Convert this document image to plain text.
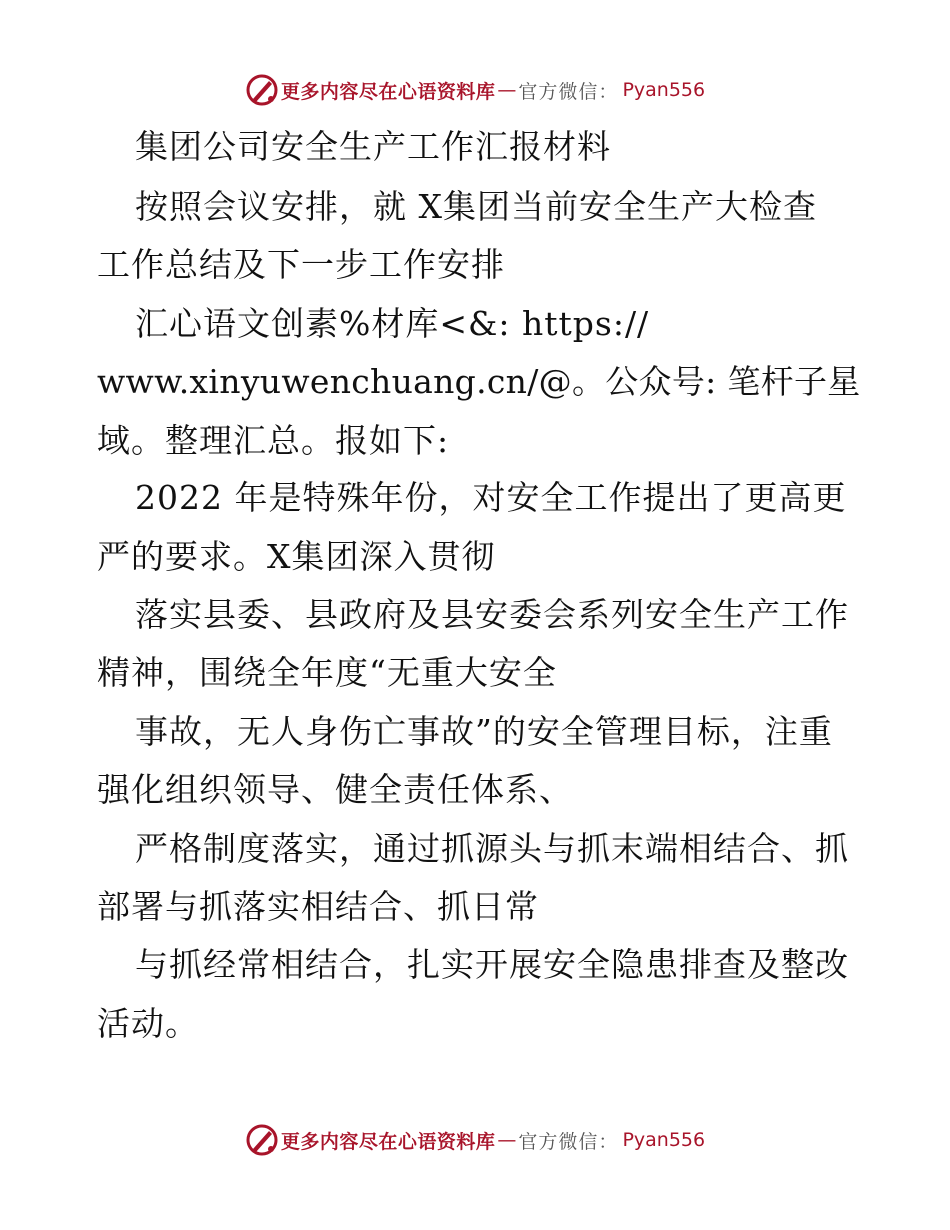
更多内容尽在心语资料库 — 官方微信： Pyan556
集团公司安全生产工作汇报材料
按照会议安排，就 X集团当前安全生产大检查
工作总结及下一步工作安排
汇心语文创素%材库<&: https://
www.xinyuwenchuang.cn/@。公众号: 笔杆子星
域。整理汇总。报如下:
2022 年是特殊年份，对安全工作提出了更高更
严的要求。X集团深入贯彻
落实县委、县政府及县安委会系列安全生产工作
精神，围绕全年度“无重大安全
事故，无人身伤亡事故”的安全管理目标，注重
强化组织领导、健全责任体系、
严格制度落实，通过抓源头与抓末端相结合、抓
部署与抓落实相结合、抓日常
与抓经常相结合，扎实开展安全隐患排查及整改
活动。
更多内容尽在心语资料库 — 官方微信： Pyan556
